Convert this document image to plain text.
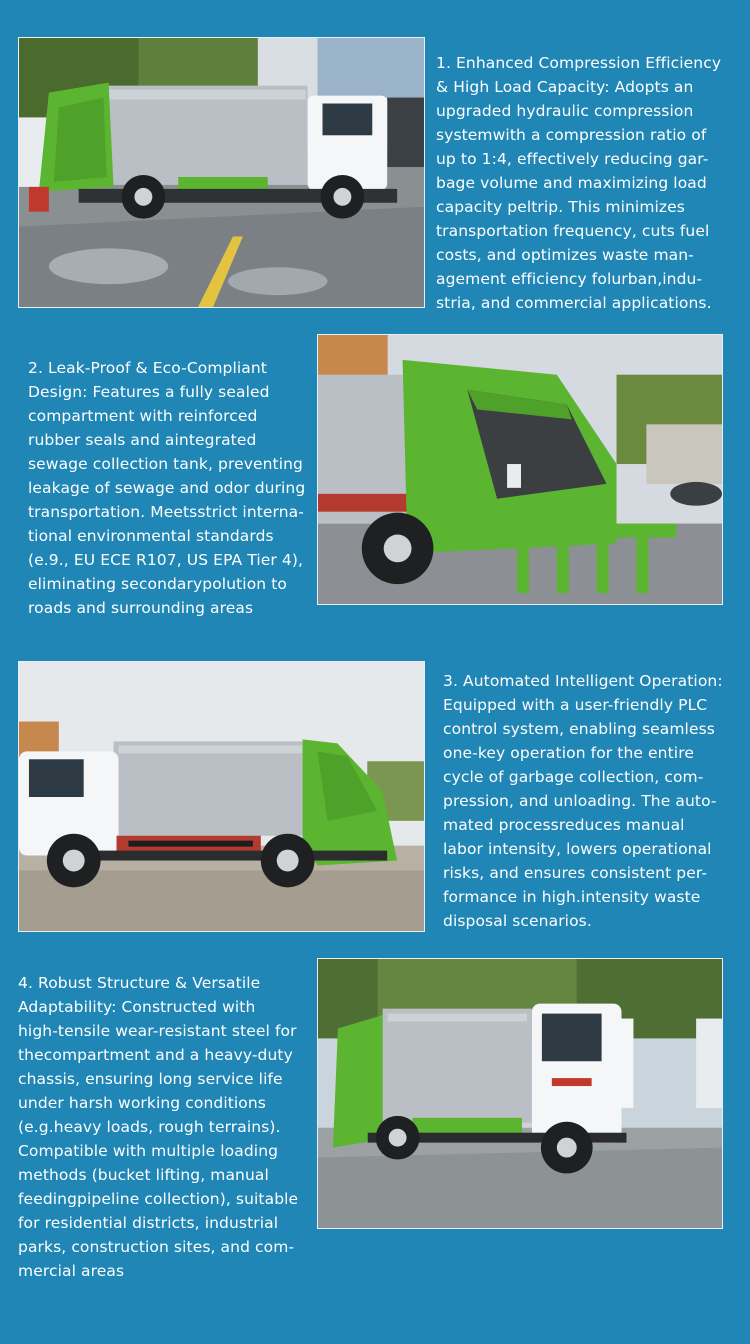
1. Enhanced Compression Efficiency
& High Load Capacity: Adopts an
upgraded hydraulic compression
systemwith a compression ratio of
up to 1:4, effectively reducing gar-
bage volume and maximizing load
capacity peltrip. This minimizes
transportation frequency, cuts fuel
costs, and optimizes waste man-
agement efficiency folurban,indu-
stria, and commercial applications.
2. Leak-Proof & Eco-Compliant
Design: Features a fully sealed
compartment with reinforced
rubber seals and aintegrated
sewage collection tank, preventing
leakage of sewage and odor during
transportation. Meetsstrict interna-
tional environmental standards
(e.9., EU ECE R107, US EPA Tier 4),
eliminating secondarypolution to
roads and surrounding areas
3. Automated Intelligent Operation:
Equipped with a user-friendly PLC
control system, enabling seamless
one-key operation for the entire
cycle of garbage collection, com-
pression, and unloading. The auto-
mated processreduces manual
labor intensity, lowers operational
risks, and ensures consistent per-
formance in high.intensity waste
disposal scenarios.
4. Robust Structure & Versatile
Adaptability: Constructed with
high-tensile wear-resistant steel for
thecompartment and a heavy-duty
chassis, ensuring long service life
under harsh working conditions
(e.g.heavy loads, rough terrains).
Compatible with multiple loading
methods (bucket lifting, manual
feedingpipeline collection), suitable
for residential districts, industrial
parks, construction sites, and com-
mercial areas
